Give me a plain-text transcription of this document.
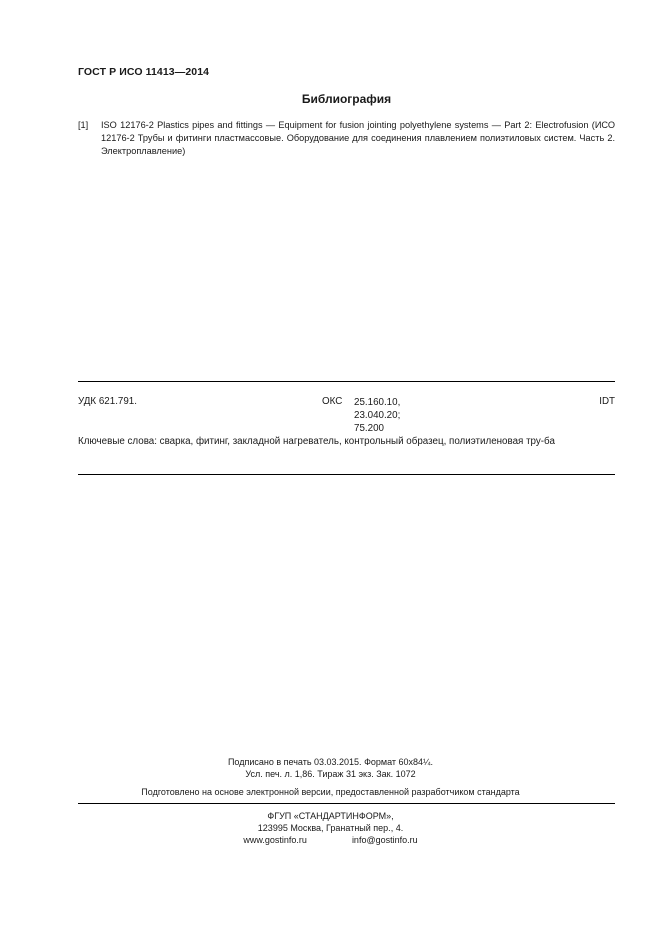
ГОСТ Р ИСО 11413—2014
Библиография
[1] ISO 12176-2 Plastics pipes and fittings — Equipment for fusion jointing polyethylene systems — Part 2: Electrofusion (ИСО 12176-2 Трубы и фитинги пластмассовые. Оборудование для соединения плавлением полиэтиловых систем. Часть 2. Электроплавление)
УДК 621.791.	ОКС 25.160.10,
23.040.20;
75.200
IDT
Ключевые слова: сварка, фитинг, закладной нагреватель, контрольный образец, полиэтиленовая тру-ба
Подписано в печать 03.03.2015. Формат 60х84¼.
Усл. печ. л. 1,86. Тираж 31 экз. Зак. 1072
Подготовлено на основе электронной версии, предоставленной разработчиком стандарта
ФГУП «СТАНДАРТИНФОРМ»,
123995 Москва, Гранатный пер., 4.
www.gostinfo.ru	info@gostinfo.ru
